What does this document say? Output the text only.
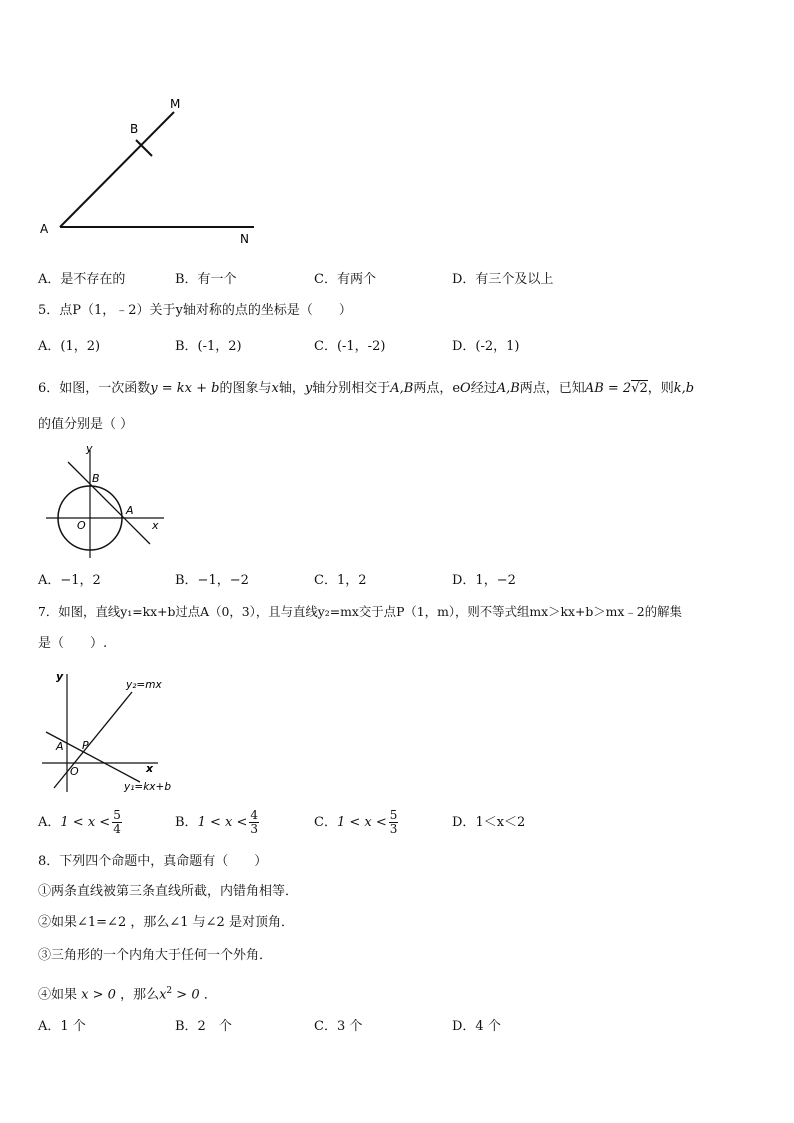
M
B
A
N
A．是不存在的	B．有一个	C．有两个	D．有三个及以上
5．点P（1，﹣2）关于y轴对称的点的坐标是（　　）
A．(1，2)	B．(-1，2)	C．(-1，-2)	D．(-2，1)
6．如图，一次函数y = kx + b的图象与x轴，y轴分别相交于A,B两点，eO经过A,B两点，已知AB = 2√2，则k,b
的值分别是（ ）
y
x
B
A
O
A．−1，2	B．−1，−2	C．1，2	D．1，−2
7．如图，直线y₁=kx+b过点A（0，3），且与直线y₂=mx交于点P（1，m），则不等式组mx＞kx+b＞mx﹣2的解集
是（　　）.
y
y₂=mx
A P
O	x
y₁=kx+b
A．$1 < x < \frac{5}{4}$	B．$1 < x < \frac{4}{3}$	C．$1 < x < \frac{5}{3}$	D．1＜x＜2
8．下列四个命题中，真命题有（　　）
①两条直线被第三条直线所截，内错角相等．
②如果∠1=∠2 ，那么∠1 与∠2 是对顶角．
③三角形的一个内角大于任何一个外角．
④如果 x > 0 ，那么$x^2 > 0$ ．
A．1 个	B．2　个	C．3 个	D．4 个
